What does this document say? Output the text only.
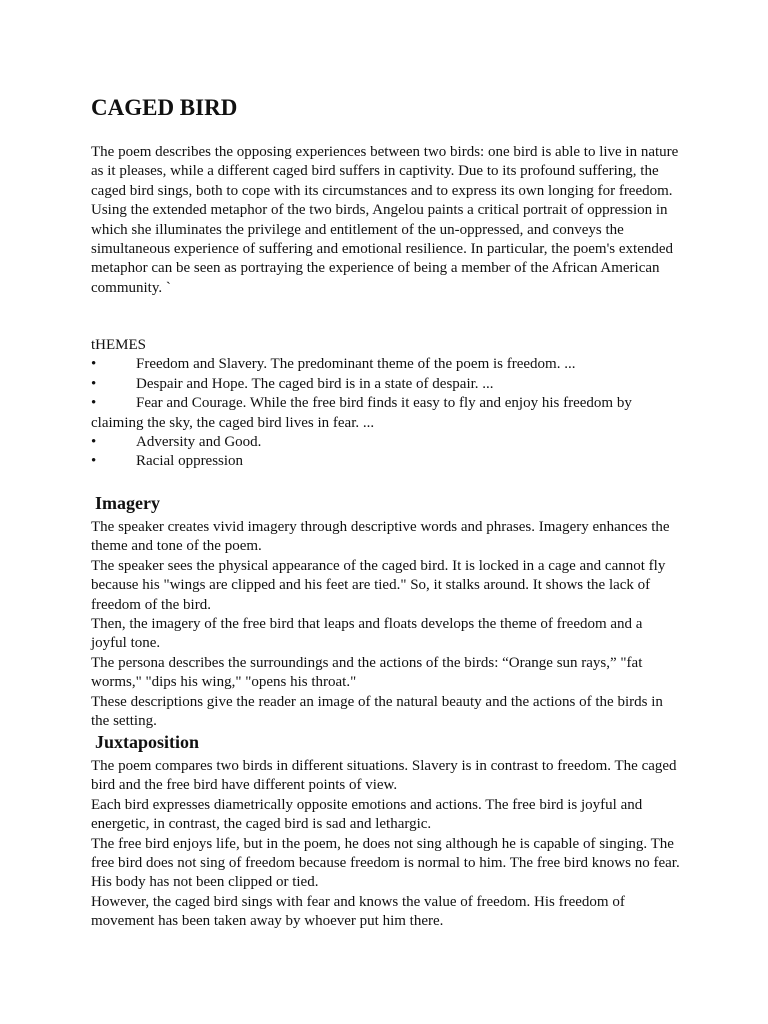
CAGED BIRD

The poem describes the opposing experiences between two birds: one bird is able to live in nature as it pleases, while a different caged bird suffers in captivity. Due to its profound suffering, the caged bird sings, both to cope with its circumstances and to express its own longing for freedom. Using the extended metaphor of the two birds, Angelou paints a critical portrait of oppression in which she illuminates the privilege and entitlement of the un-oppressed, and conveys the simultaneous experience of suffering and emotional resilience. In particular, the poem's extended metaphor can be seen as portraying the experience of being a member of the African American community. `

tHEMES
•	Freedom and Slavery. The predominant theme of the poem is freedom. ...
•	Despair and Hope. The caged bird is in a state of despair. ...
•	Fear and Courage. While the free bird finds it easy to fly and enjoy his freedom by claiming the sky, the caged bird lives in fear. ...
•	Adversity and Good.
•	Racial oppression
Imagery

The speaker creates vivid imagery through descriptive words and phrases. Imagery enhances the theme and tone of the poem.

The speaker sees the physical appearance of the caged bird. It is locked in a cage and cannot fly because his "wings are clipped and his feet are tied." So, it stalks around. It shows the lack of freedom of the bird.

Then, the imagery of the free bird that leaps and floats develops the theme of freedom and a joyful tone.

The persona describes the surroundings and the actions of the birds: “Orange sun rays,” "fat worms," "dips his wing," "opens his throat."

These descriptions give the reader an image of the natural beauty and the actions of the birds in the setting.

Juxtaposition

The poem compares two birds in different situations. Slavery is in contrast to freedom. The caged bird and the free bird have different points of view.

Each bird expresses diametrically opposite emotions and actions. The free bird is joyful and energetic, in contrast, the caged bird is sad and lethargic.

The free bird enjoys life, but in the poem, he does not sing although he is capable of singing. The free bird does not sing of freedom because freedom is normal to him. The free bird knows no fear. His body has not been clipped or tied.

However, the caged bird sings with fear and knows the value of freedom. His freedom of movement has been taken away by whoever put him there.
